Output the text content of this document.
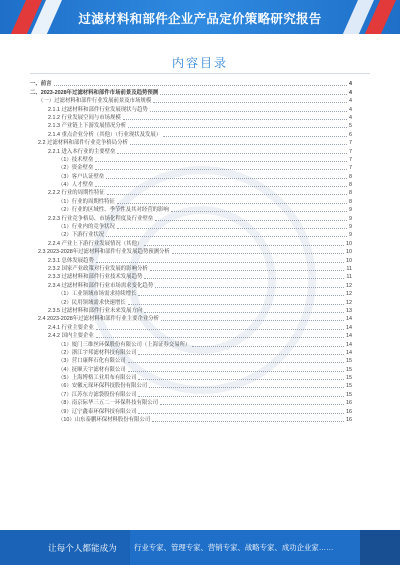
过滤材料和部件企业产品定价策略研究报告
内容目录
一、前言	4
二、2023-2028年过滤材料和部件市场前景及趋势预测	4
（一）过滤材料和部件行业发展前景及市场规模	4
2.1.1 过滤材料和部件行业发展现状与趋势	4
2.1.2 行业发展空间与市场规模	4
2.1.3 产业链上下游发展情况分析	5
2.1.4 重点企业分析（其他）（行业现状及发展）	6
2.2 过滤材料和部件行业竞争格局分析	7
2.2.1 进入本行业的主要壁垒	7
（1）技术壁垒	7
（2）资金壁垒	7
（3）客户认证壁垒	8
（4）人才壁垒	8
2.2.2 行业的周期性特征	8
（1）行业的周期性特征	8
（2）行业的区域性、季节性及其对经营的影响	9
2.2.3 行业竞争格局、市场化程度及行业壁垒	9
（1）行业内的竞争状况	9
（2）下游行业状况	9
2.2.4 产业上下游行业发展情况（其他）	10
2.3 2023-2028年过滤材料和部件行业发展趋势预测分析	10
2.3.1 总体发展趋势	10
2.3.2 国家产业政策对行业发展的影响分析	11
2.3.3 过滤材料和部件行业技术发展趋势	11
2.3.4 过滤材料和部件行业市场需求变化趋势	12
（1）工业领域市场需求持续增长	12
（2）民用领域需求快速增长	12
2.3.5 过滤材料和部件行业未来发展方向	13
2.4 2023-2028年过滤材料和部件行业主要企业分析	14
2.4.1 行业主要企业	14
2.4.2 国内主要企业	14
（1）厦门三维丝环保股份有限公司（上海证券交易所）	14
（2）浙江宇邦滤材科技有限公司	14
（3）营口康辉石化有限公司	15
（4）抚顺天宇滤材有限公司	15
（5）上海博格工业用布有限公司	15
（6）安徽元琛环保科技股份有限公司	15
（7）江苏东方滤袋股份有限公司	15
（8）南京际华三五二一环保科技有限公司	16
（9）辽宁鑫泰环保科技有限公司	16
（10）山东泰鹏环保材料股份有限公司	16
让每个人都能成为 行业专家、管理专家、营销专家、战略专家、成功企业家……
